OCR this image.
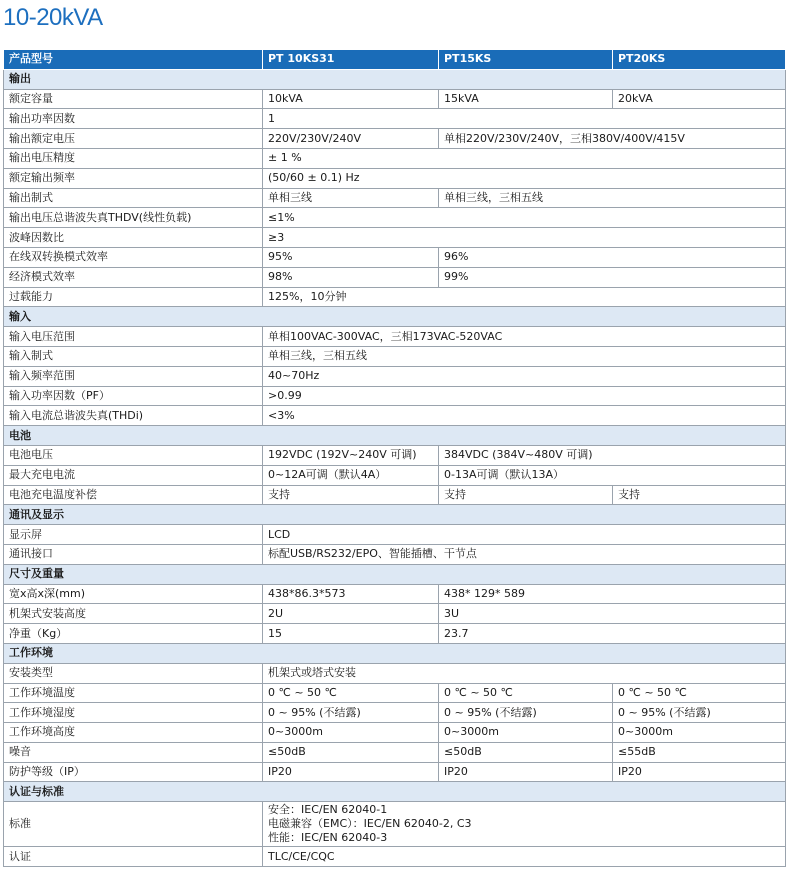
10-20kVA
产品型号	PT 10KS31	PT15KS	PT20KS
输出			
额定容量	10kVA	15kVA	20kVA
输出功率因数	1		
输出额定电压	220V/230V/240V	单相220V/230V/240V，三相380V/400V/415V	
输出电压精度	± 1 %		
额定输出频率	(50/60 ± 0.1) Hz		
输出制式	单相三线	单相三线，三相五线	
输出电压总谐波失真THDV(线性负载)	≤1%		
波峰因数比	≥3		
在线双转换模式效率	95%	96%	
经济模式效率	98%	99%	
过载能力	125%，10分钟		
输入			
输入电压范围	单相100VAC-300VAC，三相173VAC-520VAC		
输入制式	单相三线，三相五线		
输入频率范围	40~70Hz		
输入功率因数（PF）	>0.99		
输入电流总谐波失真(THDi)	<3%		
电池			
电池电压	192VDC (192V~240V 可调)	384VDC (384V~480V 可调)	
最大充电电流	0~12A可调（默认4A）	0-13A可调（默认13A）	
电池充电温度补偿	支持	支持	支持
通讯及显示			
显示屏	LCD		
通讯接口	标配USB/RS232/EPO、智能插槽、干节点		
尺寸及重量			
宽x高x深(mm)	438*86.3*573	438* 129* 589	
机架式安装高度	2U	3U	
净重（Kg）	15	23.7	
工作环境			
安装类型	机架式或塔式安装		
工作环境温度	0 ℃ ~ 50 ℃	0 ℃ ~ 50 ℃	0 ℃ ~ 50 ℃
工作环境湿度	0 ~ 95% (不结露)	0 ~ 95% (不结露)	0 ~ 95% (不结露)
工作环境高度	0~3000m	0~3000m	0~3000m
噪音	≤50dB	≤50dB	≤55dB
防护等级（IP）	IP20	IP20	IP20
认证与标准			
标准	安全：IEC/EN 62040-1
电磁兼容（EMC）：IEC/EN 62040-2, C3
性能：IEC/EN 62040-3		

认证	TLC/CE/CQC		
